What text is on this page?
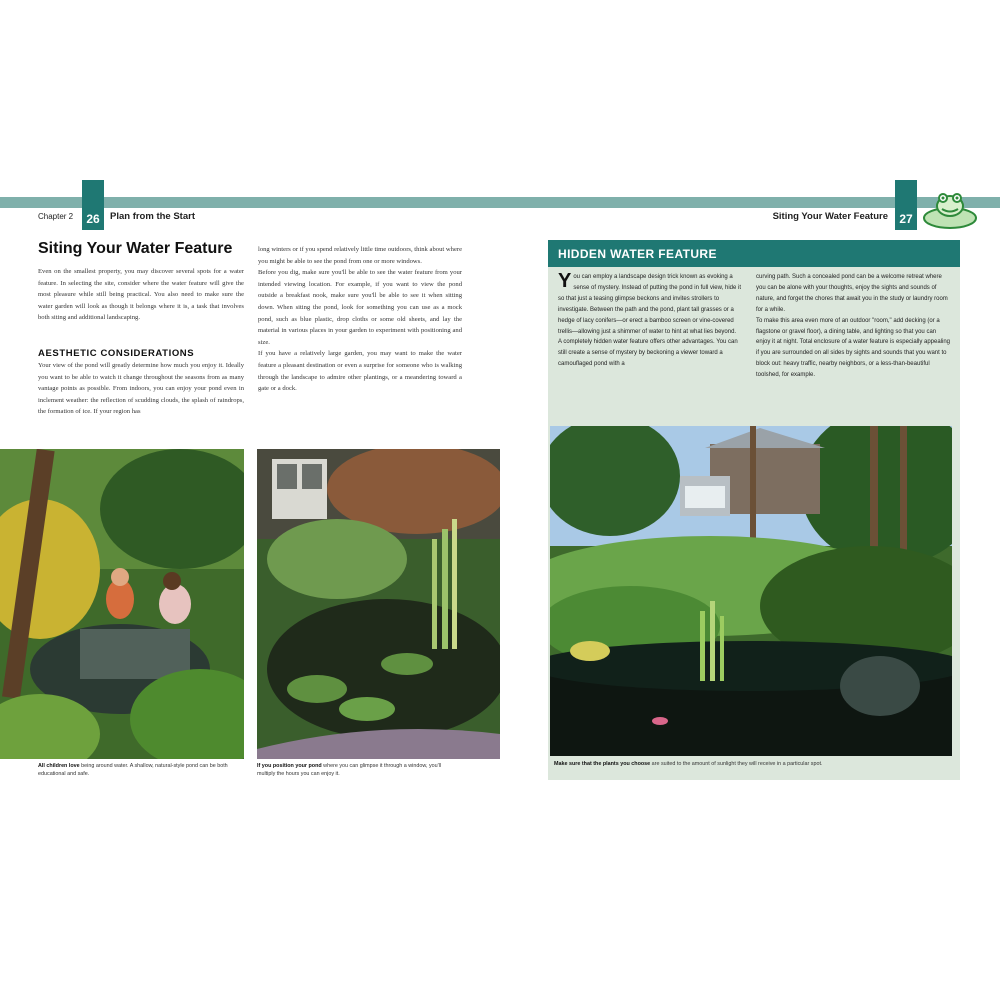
26
Chapter 2	Plan from the Start	27
Siting Your Water Feature
Siting Your Water Feature
Even on the smallest property, you may discover several spots for a water feature. In selecting the site, consider where the water feature will give the most pleasure while still being practical. You also need to make sure the water garden will look as though it belongs where it is, a task that involves both siting and additional landscaping.
AESTHETIC CONSIDERATIONS
Your view of the pond will greatly determine how much you enjoy it. Ideally you want to be able to watch it change throughout the seasons from as many vantage points as possible. From indoors, you can enjoy your pond even in inclement weather: the reflection of scudding clouds, the splash of raindrops, the formation of ice. If your region has
long winters or if you spend relatively little time outdoors, think about where you might be able to see the pond from one or more windows.
Before you dig, make sure you'll be able to see the water feature from your intended viewing location. For example, if you want to view the pond outside a breakfast nook, make sure you'll be able to see it when sitting down. When siting the pond, look for something you can use as a mock pond, such as blue plastic, drop cloths or some old sheets, and lay the material in various places in your garden to experiment with positioning and size.
If you have a relatively large garden, you may want to make the water feature a pleasant destination or even a surprise for someone who is walking through the landscape to admire other plantings, or a meandering toward a gate or a dock.
All children love being around water. A shallow, natural-style pond can be both educational and safe.
If you position your pond where you can glimpse it through a window, you'll multiply the hours you can enjoy it.
HIDDEN WATER FEATURE
You can employ a landscape design trick known as evoking a sense of mystery. Instead of putting the pond in full view, hide it so that just a teasing glimpse beckons and invites strollers to investigate. Between the path and the pond, plant tall grasses or a hedge of lacy conifers—or erect a bamboo screen or vine-covered trellis—allowing just a shimmer of water to hint at what lies beyond.
A completely hidden water feature offers other advantages. You can still create a sense of mystery by beckoning a viewer toward a camouflaged pond with a
curving path. Such a concealed pond can be a welcome retreat where you can be alone with your thoughts, enjoy the sights and sounds of nature, and forget the chores that await you in the study or laundry room for a while.
To make this area even more of an outdoor "room," add decking (or a flagstone or gravel floor), a dining table, and lighting so that you can enjoy it at night. Total enclosure of a water feature is especially appealing if you are surrounded on all sides by sights and sounds that you want to block out: heavy traffic, nearby neighbors, or a less-than-beautiful toolshed, for example.
Make sure that the plants you choose are suited to the amount of sunlight they will receive in a particular spot.
